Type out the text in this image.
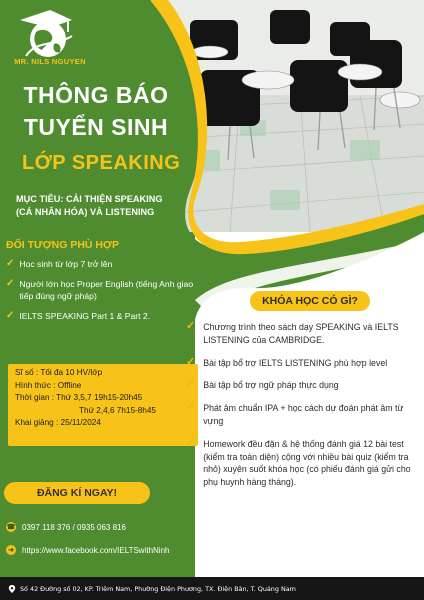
MR. NILS NGUYEN
THÔNG BÁO
TUYỂN SINH
LỚP SPEAKING
MỤC TIÊU: CẢI THIỆN SPEAKING
(CÁ NHÂN HÓA) VÀ LISTENING
ĐỐI TƯỢNG PHÙ HỢP
✓ Học sinh từ lớp 7 trở lên
✓ Người lớn học Proper English (tiếng Anh giao tiếp đúng ngữ pháp)
✓ IELTS SPEAKING Part 1 & Part 2.
Sĩ số : Tối đa 10 HV/lớp
Hình thức : Offline
Thời gian : Thứ 3,5,7 19h15-20h45
Thứ 2,4,6 7h15-8h45
Khai giảng : 25/11/2024
ĐĂNG KÍ NGAY!
☎ 0397 118 376 / 0935 063 816
➜ https://www.facebook.com/IELTSwithNinh
KHÓA HỌC CÓ GÌ?
✓ Chương trình theo sách dạy SPEAKING và IELTS LISTENING của CAMBRIDGE.
✓ Bài tập bổ trợ IELTS LISTENING phù hợp level
✓ Bài tập bổ trợ ngữ pháp thực dụng
✓ Phát âm chuẩn IPA + học cách dự đoán phát âm từ vựng
✓ Homework đều đặn & hệ thống đánh giá 12 bài test (kiểm tra toàn diện) cộng với nhiều bài quiz (kiểm tra nhỏ) xuyên suốt khóa học (có phiếu đánh giá gửi cho phụ huynh hàng tháng).
Số 42 Đường số 02, KP. Triêm Nam, Phường Điện Phương, TX. Điện Bàn, T. Quảng Nam
